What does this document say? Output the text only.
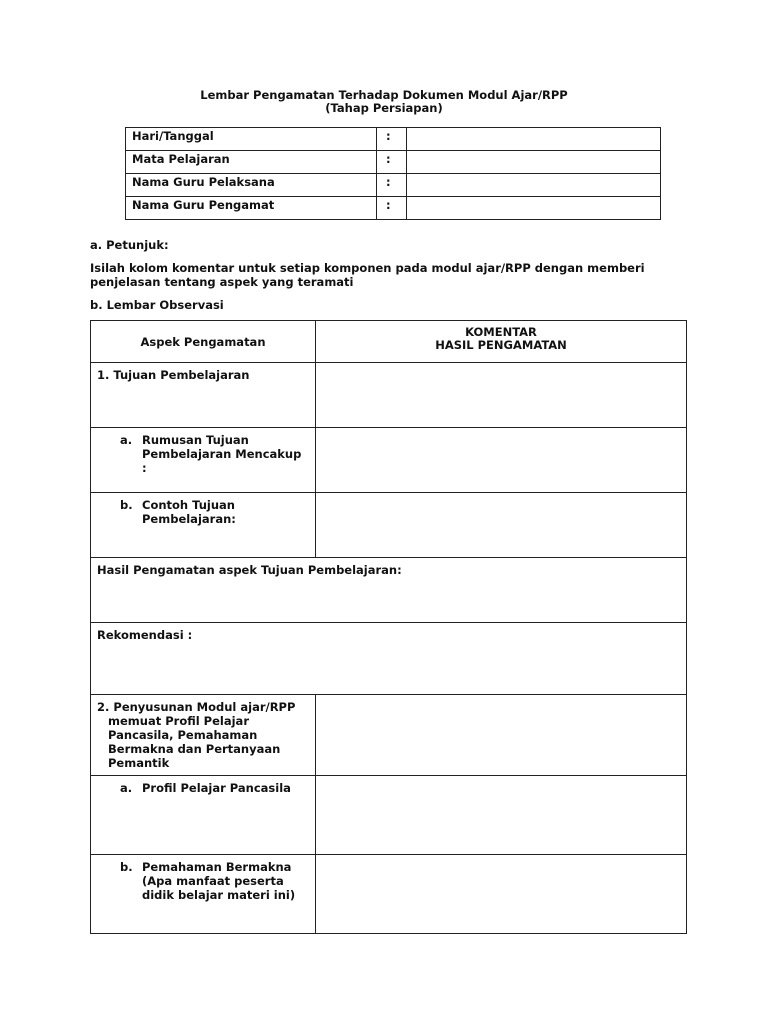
Lembar Pengamatan Terhadap Dokumen Modul Ajar/RPP
(Tahap Persiapan)
Hari/Tanggal	:	
Mata Pelajaran	:	
Nama Guru Pelaksana	:	
Nama Guru Pengamat	:	
a. Petunjuk:
Isilah kolom komentar untuk setiap komponen pada modul ajar/RPP dengan memberi penjelasan tentang aspek yang teramati
b. Lembar Observasi
Aspek Pengamatan	KOMENTAR
HASIL PENGAMATAN

1. Tujuan Pembelajaran	

a. Rumusan Tujuan Pembelajaran Mencakup :	

b. Contoh Tujuan Pembelajaran:	

Hasil Pengamatan aspek Tujuan Pembelajaran:	

Rekomendasi :	

2. Penyusunan Modul ajar/RPP
memuat Profil Pelajar Pancasila, Pemahaman Bermakna dan Pertanyaan Pemantik	

a. Profil Pelajar Pancasila	

b. Pemahaman Bermakna (Apa manfaat peserta didik belajar materi ini)	
